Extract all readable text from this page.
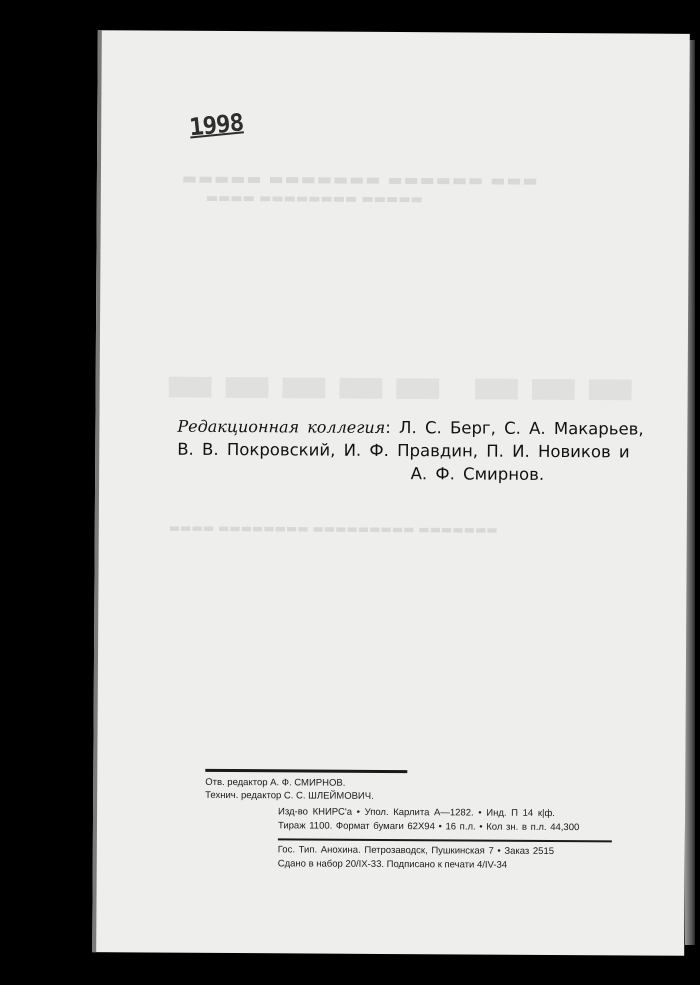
▬▬▬ ▬▬▬▬▬▬ ▬▬▬▬▬▬▬ ▬▬▬▬▬
▬▬▬▬▬ ▬▬▬▬▬▬▬▬ ▬▬▬▬
▬▬▬ ▬▬▬▬▬
▬▬▬▬▬▬▬ ▬▬▬▬▬▬▬▬▬ ▬▬▬▬▬▬▬▬ ▬▬▬▬
1998
Редакционная коллегия: Л. С. Берг, С. А. Макарьев,
В. В. Покровский, И. Ф. Правдин, П. И. Новиков и
А. Ф. Смирнов.
Отв. редактор А. Ф. СМИРНОВ.
Технич. редактор С. С. ШЛЕЙМОВИЧ.
Изд-во КНИРС'а • Упол. Карлита А—1282. • Инд. П 14 к|ф.
Тираж 1100. Формат бумаги 62Х94 • 16 п.л. • Кол зн. в п.л. 44,300
Гос. Тип. Анохина. Петрозаводск, Пушкинская 7 • Заказ 2515
Сдано в набор 20/IX-33. Подписано к печати 4/IV-34
